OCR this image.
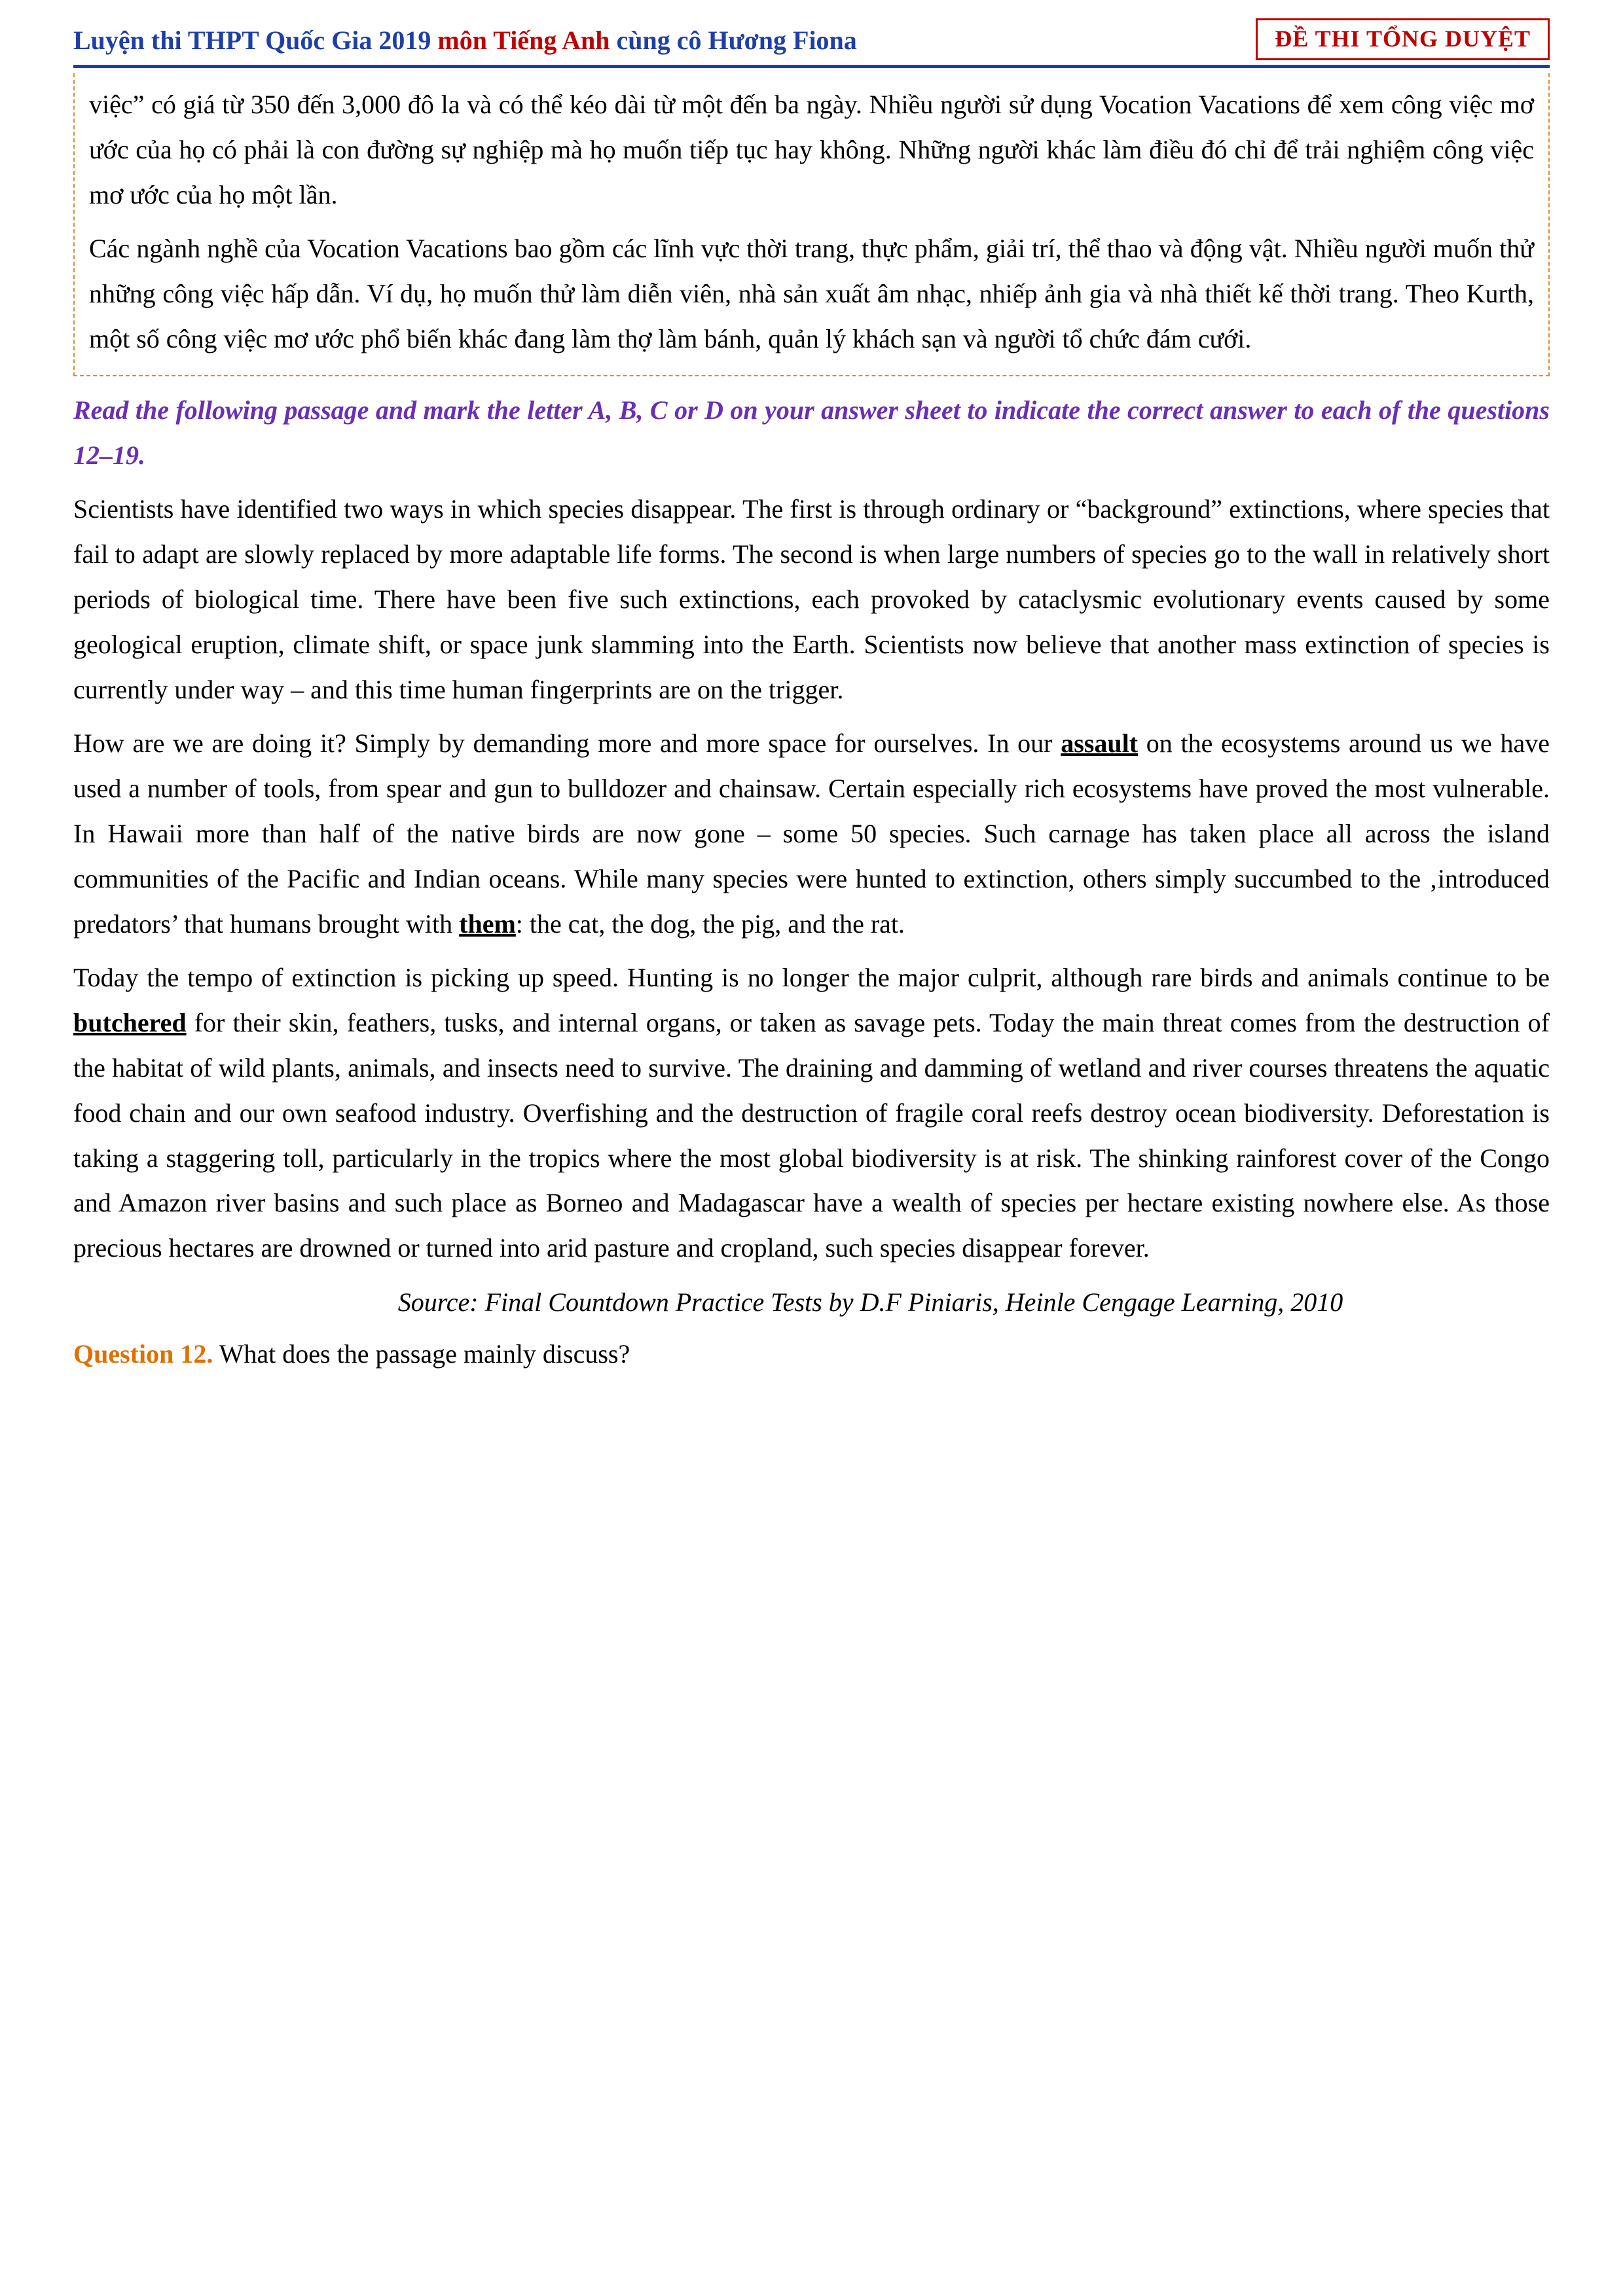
Luyện thi THPT Quốc Gia 2019 môn Tiếng Anh cùng cô Hương Fiona	ĐỀ THI TỔNG DUYỆT

việc” có giá từ 350 đến 3,000 đô la và có thể kéo dài từ một đến ba ngày. Nhiều người sử dụng Vocation Vacations để xem công việc mơ ước của họ có phải là con đường sự nghiệp mà họ muốn tiếp tục hay không. Những người khác làm điều đó chỉ để trải nghiệm công việc mơ ước của họ một lần.

Các ngành nghề của Vocation Vacations bao gồm các lĩnh vực thời trang, thực phẩm, giải trí, thể thao và động vật. Nhiều người muốn thử những công việc hấp dẫn. Ví dụ, họ muốn thử làm diễn viên, nhà sản xuất âm nhạc, nhiếp ảnh gia và nhà thiết kế thời trang. Theo Kurth, một số công việc mơ ước phổ biến khác đang làm thợ làm bánh, quản lý khách sạn và người tổ chức đám cưới.

Read the following passage and mark the letter A, B, C or D on your answer sheet to indicate the correct answer to each of the questions 12–19.

Scientists have identified two ways in which species disappear. The first is through ordinary or “background” extinctions, where species that fail to adapt are slowly replaced by more adaptable life forms. The second is when large numbers of species go to the wall in relatively short periods of biological time. There have been five such extinctions, each provoked by cataclysmic evolutionary events caused by some geological eruption, climate shift, or space junk slamming into the Earth. Scientists now believe that another mass extinction of species is currently under way – and this time human fingerprints are on the trigger.

How are we are doing it? Simply by demanding more and more space for ourselves. In our assault on the ecosystems around us we have used a number of tools, from spear and gun to bulldozer and chainsaw. Certain especially rich ecosystems have proved the most vulnerable. In Hawaii more than half of the native birds are now gone – some 50 species. Such carnage has taken place all across the island communities of the Pacific and Indian oceans. While many species were hunted to extinction, others simply succumbed to the ‚introduced predators’ that humans brought with them: the cat, the dog, the pig, and the rat.

Today the tempo of extinction is picking up speed. Hunting is no longer the major culprit, although rare birds and animals continue to be butchered for their skin, feathers, tusks, and internal organs, or taken as savage pets. Today the main threat comes from the destruction of the habitat of wild plants, animals, and insects need to survive. The draining and damming of wetland and river courses threatens the aquatic food chain and our own seafood industry. Overfishing and the destruction of fragile coral reefs destroy ocean biodiversity. Deforestation is taking a staggering toll, particularly in the tropics where the most global biodiversity is at risk. The shinking rainforest cover of the Congo and Amazon river basins and such place as Borneo and Madagascar have a wealth of species per hectare existing nowhere else. As those precious hectares are drowned or turned into arid pasture and cropland, such species disappear forever.

Source: Final Countdown Practice Tests by D.F Piniaris, Heinle Cengage Learning, 2010

Question 12. What does the passage mainly discuss?
